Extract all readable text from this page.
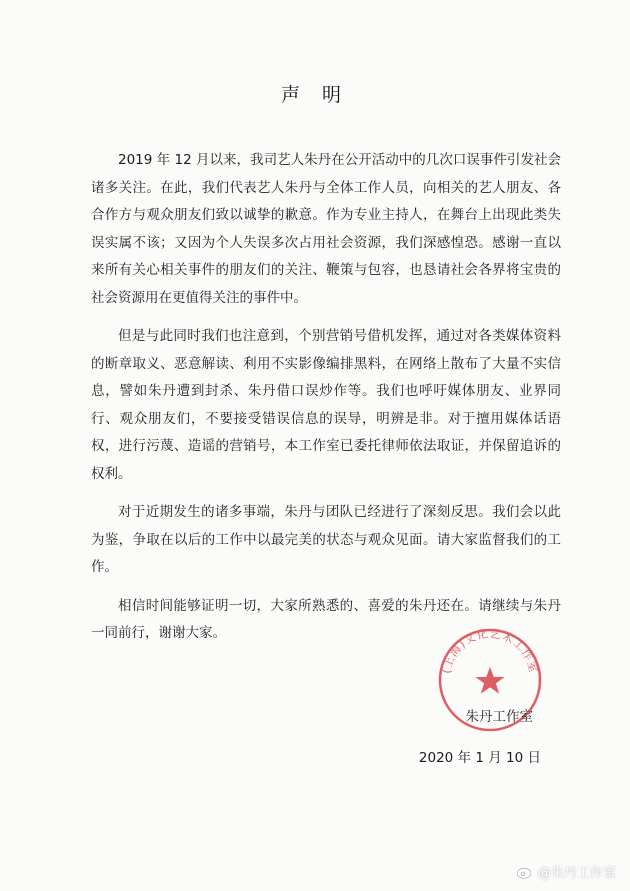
声 明

2019 年 12 月以来，我司艺人朱丹在公开活动中的几次口误事件引发社会诸多关注。在此，我们代表艺人朱丹与全体工作人员，向相关的艺人朋友、各合作方与观众朋友们致以诚挚的歉意。作为专业主持人，在舞台上出现此类失误实属不该；又因为个人失误多次占用社会资源，我们深感惶恐。感谢一直以来所有关心相关事件的朋友们的关注、鞭策与包容，也恳请社会各界将宝贵的社会资源用在更值得关注的事件中。

但是与此同时我们也注意到，个别营销号借机发挥，通过对各类媒体资料的断章取义、恶意解读、利用不实影像编排黑料，在网络上散布了大量不实信息，譬如朱丹遭到封杀、朱丹借口误炒作等。我们也呼吁媒体朋友、业界同行、观众朋友们，不要接受错误信息的误导，明辨是非。对于擅用媒体话语权，进行污蔑、造谣的营销号，本工作室已委托律师依法取证，并保留追诉的权利。

对于近期发生的诸多事端，朱丹与团队已经进行了深刻反思。我们会以此为鉴，争取在以后的工作中以最完美的状态与观众见面。请大家监督我们的工作。

相信时间能够证明一切，大家所熟悉的、喜爱的朱丹还在。请继续与朱丹一同前行，谢谢大家。

(上海)文化艺术工作室
朱丹工作室
2020 年 1 月 10 日
@朱丹工作室
